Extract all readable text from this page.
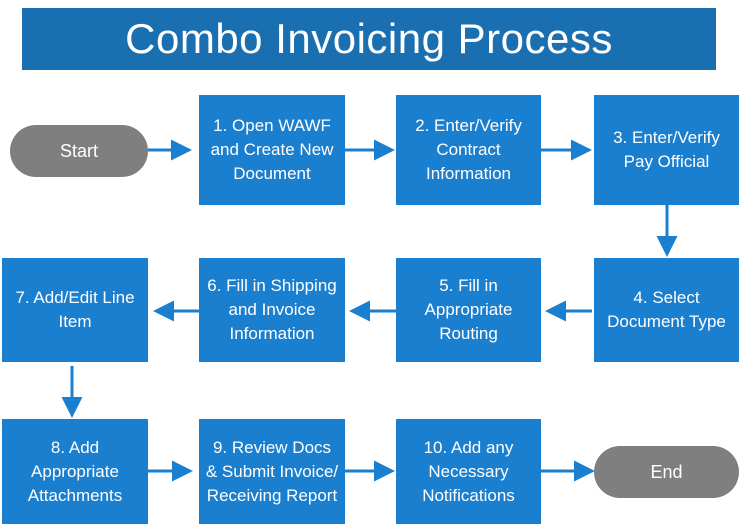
Combo Invoicing Process
Start
1. Open WAWF and Create New Document
2. Enter/Verify Contract Information
3. Enter/Verify Pay Official
4. Select Document Type
5. Fill in Appropriate Routing
6. Fill in Shipping and Invoice Information
7. Add/Edit Line Item
8. Add Appropriate Attachments
9. Review Docs & Submit Invoice/ Receiving Report
10. Add any Necessary Notifications
End
